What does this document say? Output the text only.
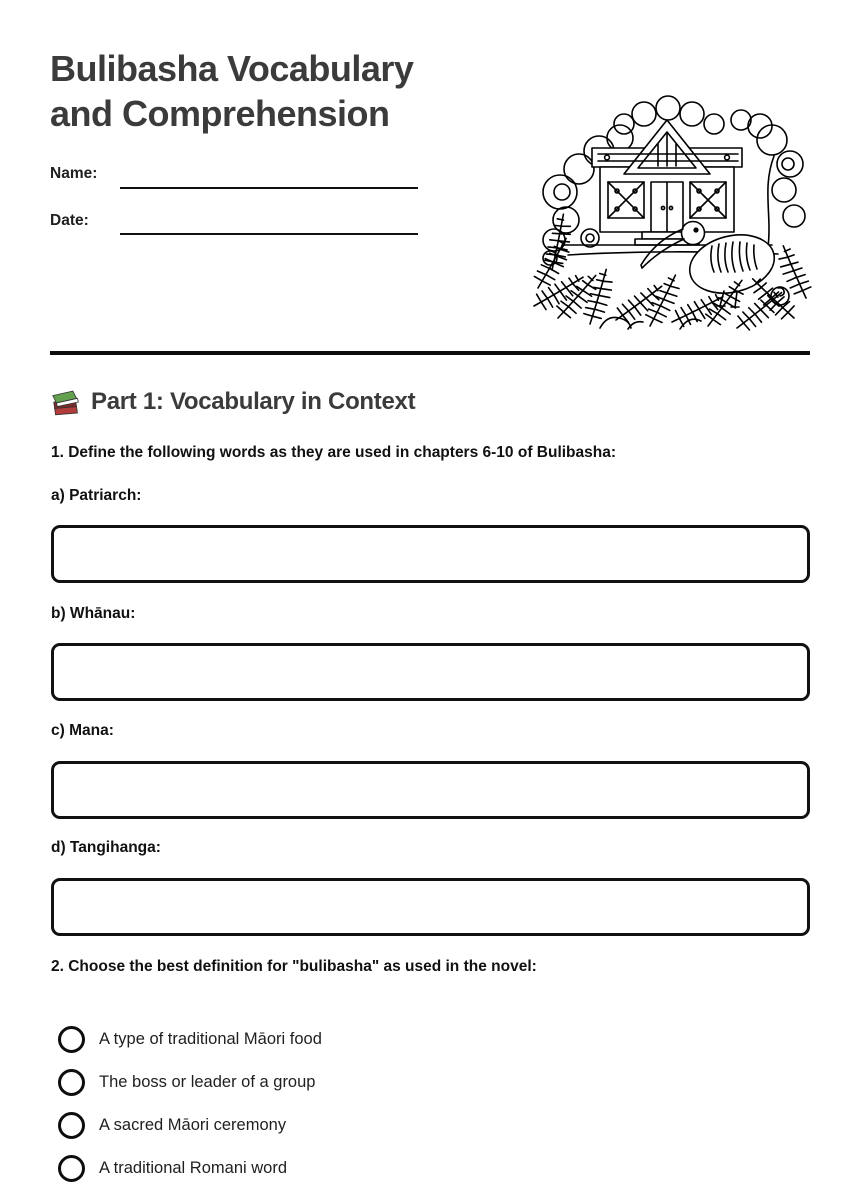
Bulibasha Vocabulary
and Comprehension
Name:
Date:
Part 1: Vocabulary in Context
1. Define the following words as they are used in chapters 6-10 of Bulibasha:
a) Patriarch:
b) Whānau:
c) Mana:
d) Tangihanga:
2. Choose the best definition for "bulibasha" as used in the novel:
A type of traditional Māori food
The boss or leader of a group
A sacred Māori ceremony
A traditional Romani word
